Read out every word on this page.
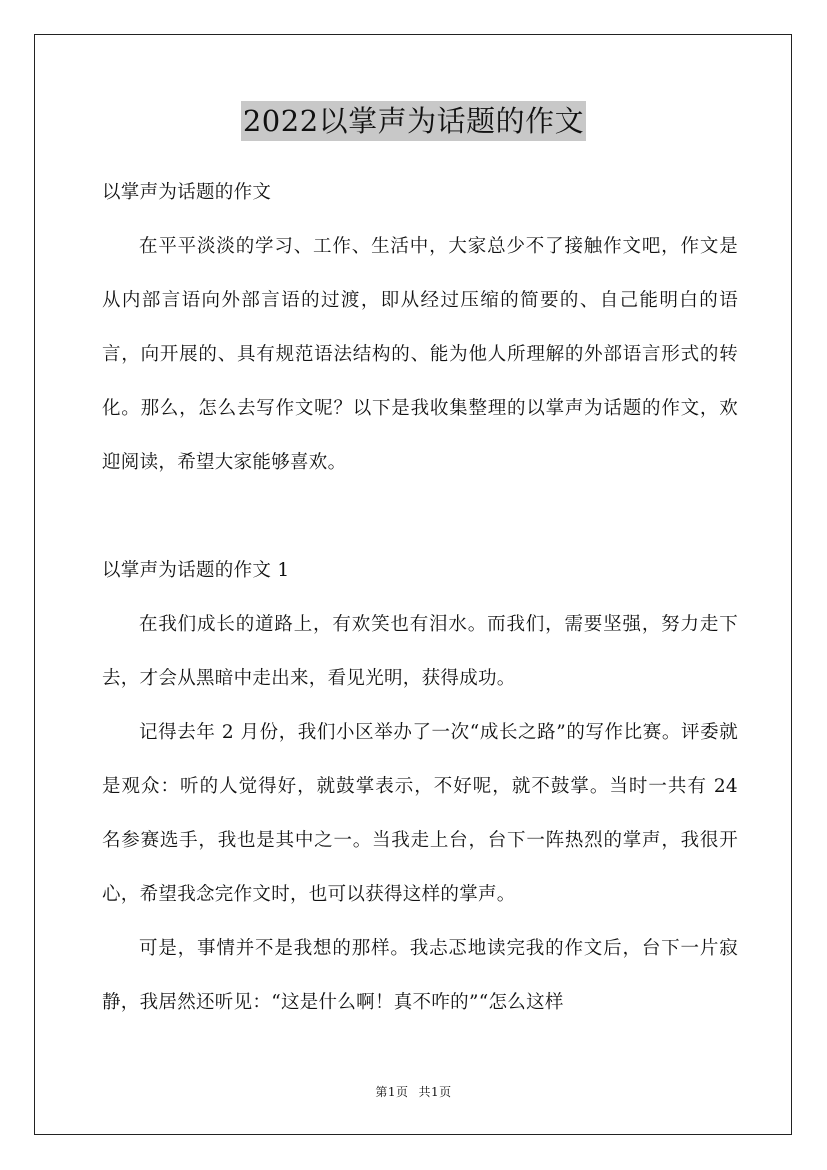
2022以掌声为话题的作文

以掌声为话题的作文

在平平淡淡的学习、工作、生活中，大家总少不了接触作文吧，作文是从内部言语向外部言语的过渡，即从经过压缩的简要的、自己能明白的语言，向开展的、具有规范语法结构的、能为他人所理解的外部语言形式的转化。那么，怎么去写作文呢？以下是我收集整理的以掌声为话题的作文，欢迎阅读，希望大家能够喜欢。

以掌声为话题的作文 1

在我们成长的道路上，有欢笑也有泪水。而我们，需要坚强，努力走下去，才会从黑暗中走出来，看见光明，获得成功。

记得去年 2 月份，我们小区举办了一次“成长之路”的写作比赛。评委就是观众：听的人觉得好，就鼓掌表示，不好呢，就不鼓掌。当时一共有 24 名参赛选手，我也是其中之一。当我走上台，台下一阵热烈的掌声，我很开心，希望我念完作文时，也可以获得这样的掌声。

可是，事情并不是我想的那样。我忐忑地读完我的作文后，台下一片寂静，我居然还听见：“这是什么啊！真不咋的”“怎么这样

第1页 共1页
